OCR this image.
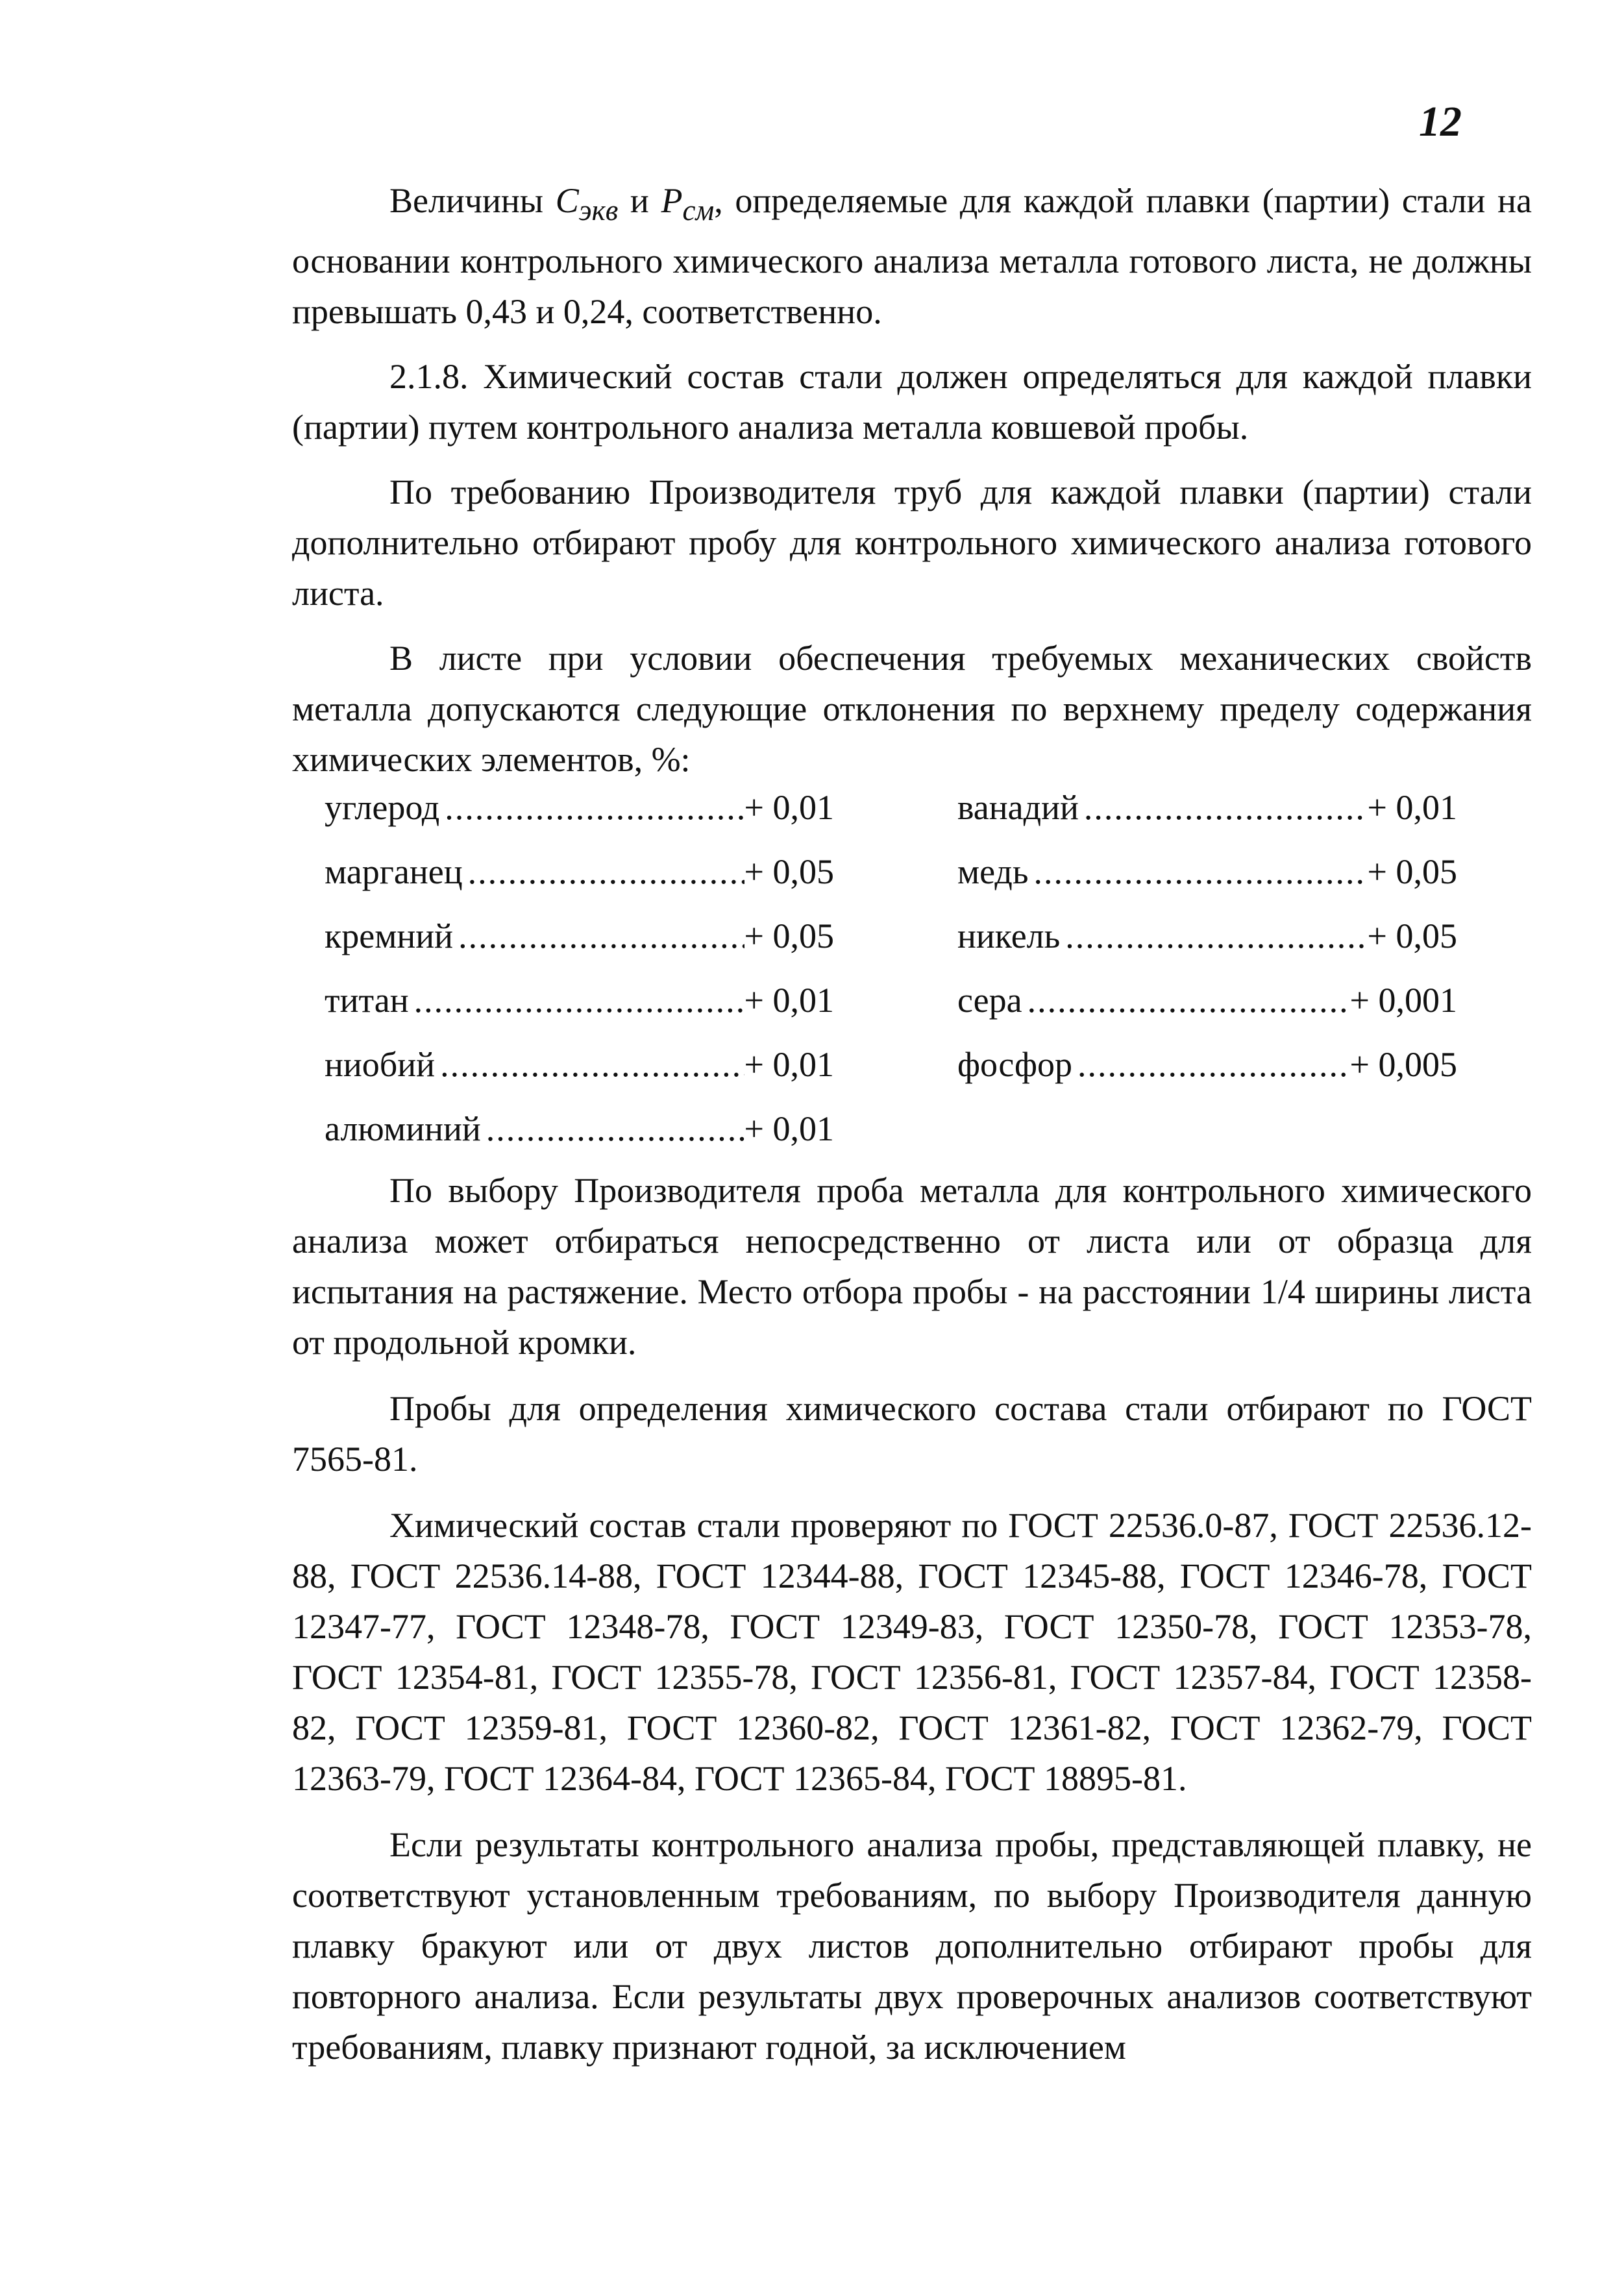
12

Величины $C_{экв}$ и $P_{см}$, определяемые для каждой плавки (партии) стали на основании контрольного химического анализа металла готового листа, не должны превышать 0,43 и 0,24, соответственно.

2.1.8. Химический состав стали должен определяться для каждой плавки (партии) путем контрольного анализа металла ковшевой пробы.

По требованию Производителя труб для каждой плавки (партии) стали дополнительно отбирают пробу для контрольного химического анализа готового листа.

В листе при условии обеспечения требуемых механических свойств металла допускаются следующие отклонения по верхнему пределу содержания химических элементов, %:

углерод .....	+ 0,01
марганец .....	+ 0,05
кремний .....	+ 0,05
титан .....	+ 0,01
ниобий .....	+ 0,01
алюминий .....	+ 0,01
ванадий .....	+ 0,01
медь .....	+ 0,05
никель .....	+ 0,05
сера .....	+ 0,001
фосфор .....	+ 0,005

По выбору Производителя проба металла для контрольного химического анализа может отбираться непосредственно от листа или от образца для испытания на растяжение. Место отбора пробы - на расстоянии 1/4 ширины листа от продольной кромки.

Пробы для определения химического состава стали отбирают по ГОСТ 7565-81.

Химический состав стали проверяют по ГОСТ 22536.0-87, ГОСТ 22536.12-88, ГОСТ 22536.14-88, ГОСТ 12344-88, ГОСТ 12345-88, ГОСТ 12346-78, ГОСТ 12347-77, ГОСТ 12348-78, ГОСТ 12349-83, ГОСТ 12350-78, ГОСТ 12353-78, ГОСТ 12354-81, ГОСТ 12355-78, ГОСТ 12356-81, ГОСТ 12357-84, ГОСТ 12358-82, ГОСТ 12359-81, ГОСТ 12360-82, ГОСТ 12361-82, ГОСТ 12362-79, ГОСТ 12363-79, ГОСТ 12364-84, ГОСТ 12365-84, ГОСТ 18895-81.

Если результаты контрольного анализа пробы, представляющей плавку, не соответствуют установленным требованиям, по выбору Производителя данную плавку бракуют или от двух листов дополнительно отбирают пробы для повторного анализа. Если результаты двух проверочных анализов соответствуют требованиям, плавку признают годной, за исключением
